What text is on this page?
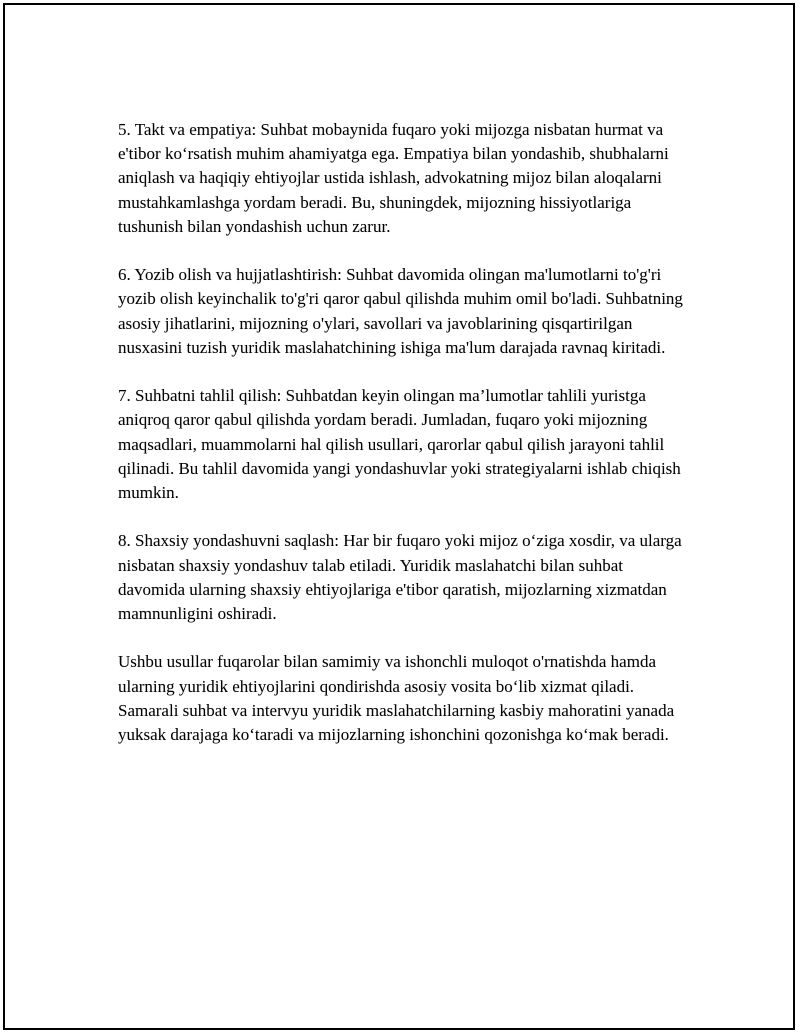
5. Takt va empatiya: Suhbat mobaynida fuqaro yoki mijozga nisbatan hurmat va e'tibor ko‘rsatish muhim ahamiyatga ega. Empatiya bilan yondashib, shubhalarni aniqlash va haqiqiy ehtiyojlar ustida ishlash, advokatning mijoz bilan aloqalarni mustahkamlashga yordam beradi. Bu, shuningdek, mijozning hissiyotlariga tushunish bilan yondashish uchun zarur.

6. Yozib olish va hujjatlashtirish: Suhbat davomida olingan ma'lumotlarni to'g'ri yozib olish keyinchalik to'g'ri qaror qabul qilishda muhim omil bo'ladi. Suhbatning asosiy jihatlarini, mijozning o'ylari, savollari va javoblarining qisqartirilgan nusxasini tuzish yuridik maslahatchining ishiga ma'lum darajada ravnaq kiritadi.

7. Suhbatni tahlil qilish: Suhbatdan keyin olingan ma’lumotlar tahlili yuristga aniqroq qaror qabul qilishda yordam beradi. Jumladan, fuqaro yoki mijozning maqsadlari, muammolarni hal qilish usullari, qarorlar qabul qilish jarayoni tahlil qilinadi. Bu tahlil davomida yangi yondashuvlar yoki strategiyalarni ishlab chiqish mumkin.

8. Shaxsiy yondashuvni saqlash: Har bir fuqaro yoki mijoz o‘ziga xosdir, va ularga nisbatan shaxsiy yondashuv talab etiladi. Yuridik maslahatchi bilan suhbat davomida ularning shaxsiy ehtiyojlariga e'tibor qaratish, mijozlarning xizmatdan mamnunligini oshiradi.

Ushbu usullar fuqarolar bilan samimiy va ishonchli muloqot o'rnatishda hamda ularning yuridik ehtiyojlarini qondirishda asosiy vosita bo‘lib xizmat qiladi. Samarali suhbat va intervyu yuridik maslahatchilarning kasbiy mahoratini yanada yuksak darajaga ko‘taradi va mijozlarning ishonchini qozonishga ko‘mak beradi.
